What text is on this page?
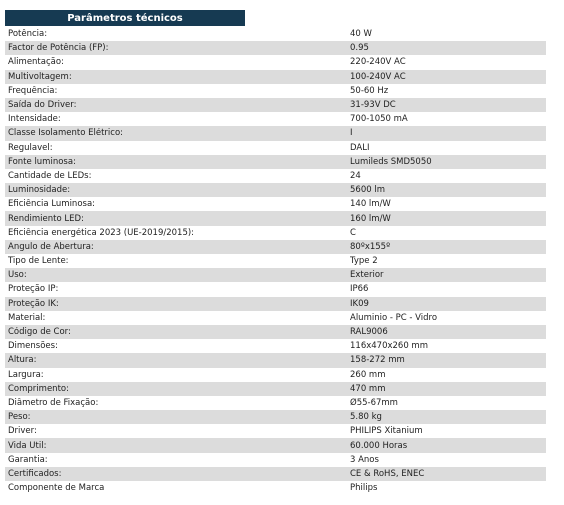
Parâmetros técnicos
Potência:	40 W
Factor de Potência (FP):	0.95
Alimentação:	220-240V AC
Multivoltagem:	100-240V AC
Frequência:	50-60 Hz
Saída do Driver:	31-93V DC
Intensidade:	700-1050 mA
Classe Isolamento Elétrico:	I
Regulavel:	DALI
Fonte luminosa:	Lumileds SMD5050
Cantidade de LEDs:	24
Luminosidade:	5600 lm
Eficiência Luminosa:	140 lm/W
Rendimiento LED:	160 lm/W
Eficiência energética 2023 (UE-2019/2015):	C
Ângulo de Abertura:	80ºx155º
Tipo de Lente:	Type 2
Uso:	Exterior
Proteção IP:	IP66
Proteção IK:	IK09
Material:	Aluminio - PC - Vidro
Código de Cor:	RAL9006
Dimensões:	116x470x260 mm
Altura:	158-272 mm
Largura:	260 mm
Comprimento:	470 mm
Diâmetro de Fixação:	Ø55-67mm
Peso:	5.80 kg
Driver:	PHILIPS Xitanium
Vida Útil:	60.000 Horas
Garantia:	3 Anos
Certificados:	CE & RoHS, ENEC
Componente de Marca	Philips
